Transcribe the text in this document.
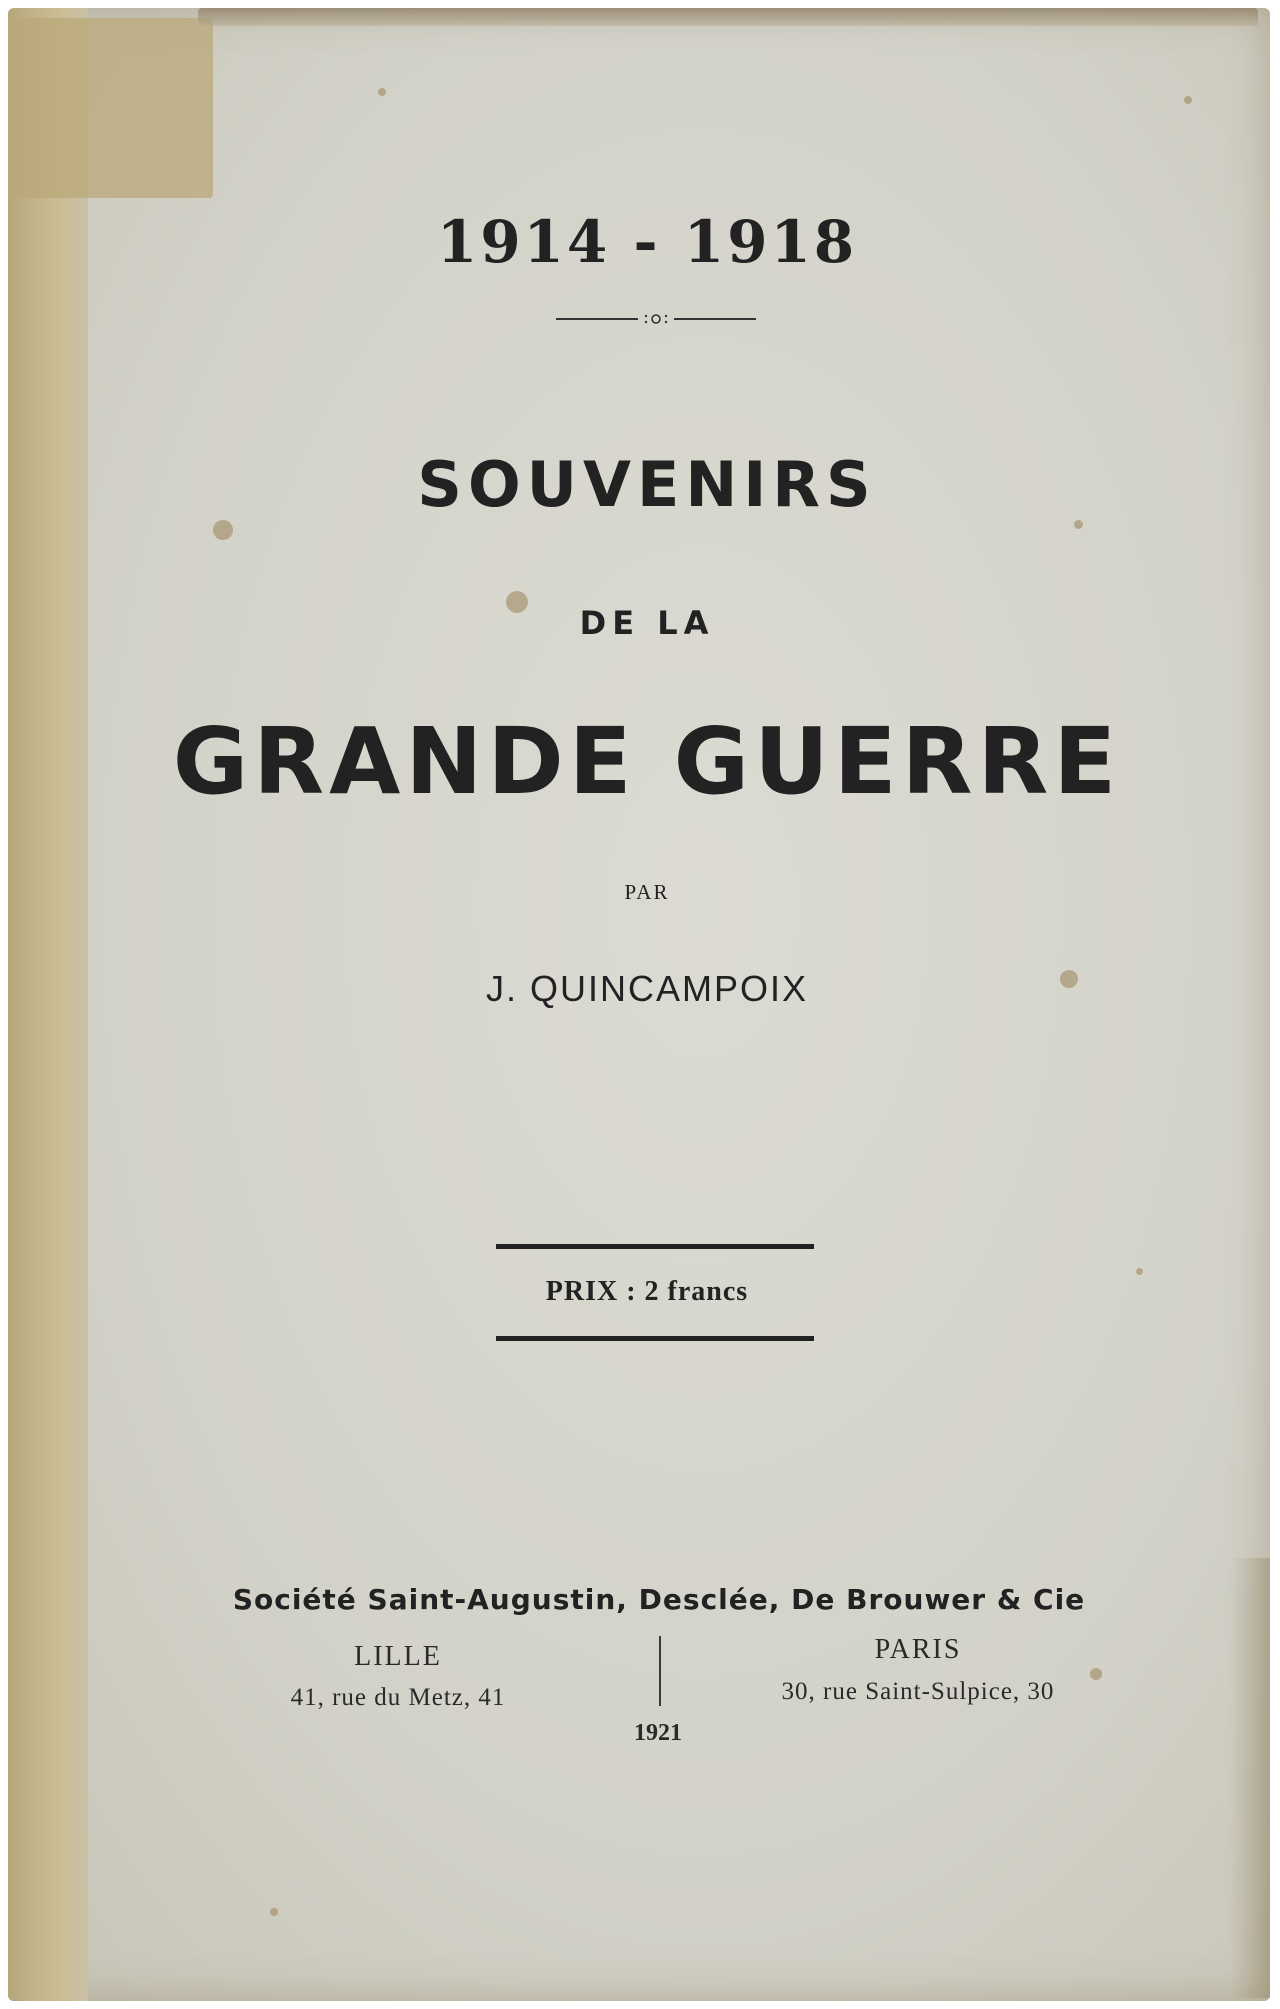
1914 - 1918
SOUVENIRS
DE LA
GRANDE GUERRE
PAR
J. QUINCAMPOIX
PRIX : 2 francs
Société Saint-Augustin, Desclée, De Brouwer & Cie
LILLE
41, rue du Metz, 41
PARIS
30, rue Saint-Sulpice, 30
1921
